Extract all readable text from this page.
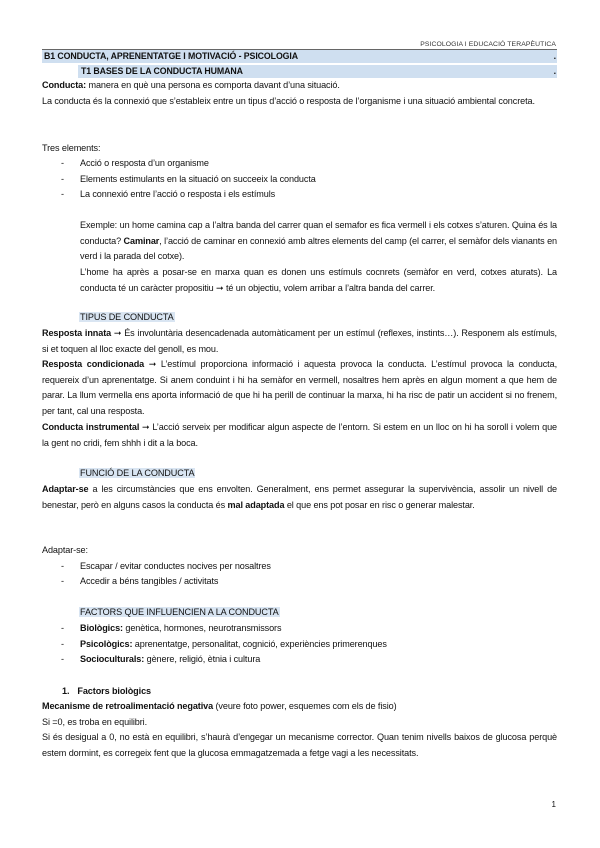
PSICOLOGIA I EDUCACIÓ TERAPÈUTICA
B1 CONDUCTA, APRENENTATGE I MOTIVACIÓ - PSICOLOGIA	.
T1 BASES DE LA CONDUCTA HUMANA	.
Conducta: manera en què una persona es comporta davant d’una situació.
La conducta és la connexió que s’estableix entre un tipus d’acció o resposta de l’organisme i una situació ambiental concreta.
Tres elements:
- Acció o resposta d’un organisme
- Elements estimulants en la situació on succeeix la conducta
- La connexió entre l’acció o resposta i els estímuls
Exemple: un home camina cap a l’altra banda del carrer quan el semafor es fica vermell i els cotxes s’aturen. Quina és la conducta? Caminar, l’acció de caminar en connexió amb altres elements del camp (el carrer, el semàfor dels vianants en verd i la parada del cotxe).
L’home ha après a posar-se en marxa quan es donen uns estímuls cocnrets (semàfor en verd, cotxes aturats). La conducta té un caràcter propositiu ➞ té un objectiu, volem arribar a l’altra banda del carrer.
TIPUS DE CONDUCTA
Resposta innata ➞ És involuntària desencadenada automàticament per un estímul (reflexes, instints…). Responem als estímuls, si et toquen al lloc exacte del genoll, es mou.
Resposta condicionada ➞ L’estímul proporciona informació i aquesta provoca la conducta. L’estímul provoca la conducta, requereix d’un aprenentatge. Si anem conduint i hi ha semàfor en vermell, nosaltres hem après en algun moment a que hem de parar. La llum vermella ens aporta informació de que hi ha perill de continuar la marxa, hi ha risc de patir un accident si no frenem, per tant, cal una resposta.
Conducta instrumental ➞ L’acció serveix per modificar algun aspecte de l’entorn. Si estem en un lloc on hi ha soroll i volem que la gent no cridi, fem shhh i dit a la boca.
FUNCIÓ DE LA CONDUCTA
Adaptar-se a les circumstàncies que ens envolten. Generalment, ens permet assegurar la supervivència, assolir un nivell de benestar, però en alguns casos la conducta és mal adaptada el que ens pot posar en risc o generar malestar.
Adaptar-se:
- Escapar / evitar conductes nocives per nosaltres
- Accedir a béns tangibles / activitats
FACTORS QUE INFLUENCIEN A LA CONDUCTA
- Biològics: genètica, hormones, neurotransmissors
- Psicològics: aprenentatge, personalitat, cognició, experiències primerenques
- Socioculturals: gènere, religió, ètnia i cultura
1. Factors biològics
Mecanisme de retroalimentació negativa (veure foto power, esquemes com els de fisio)
Si =0, es troba en equilibri.
Si és desigual a 0, no està en equilibri, s’haurà d’engegar un mecanisme corrector. Quan tenim nivells baixos de glucosa perquè estem dormint, es corregeix fent que la glucosa emmagatzemada a fetge vagi a les necessitats.
1
